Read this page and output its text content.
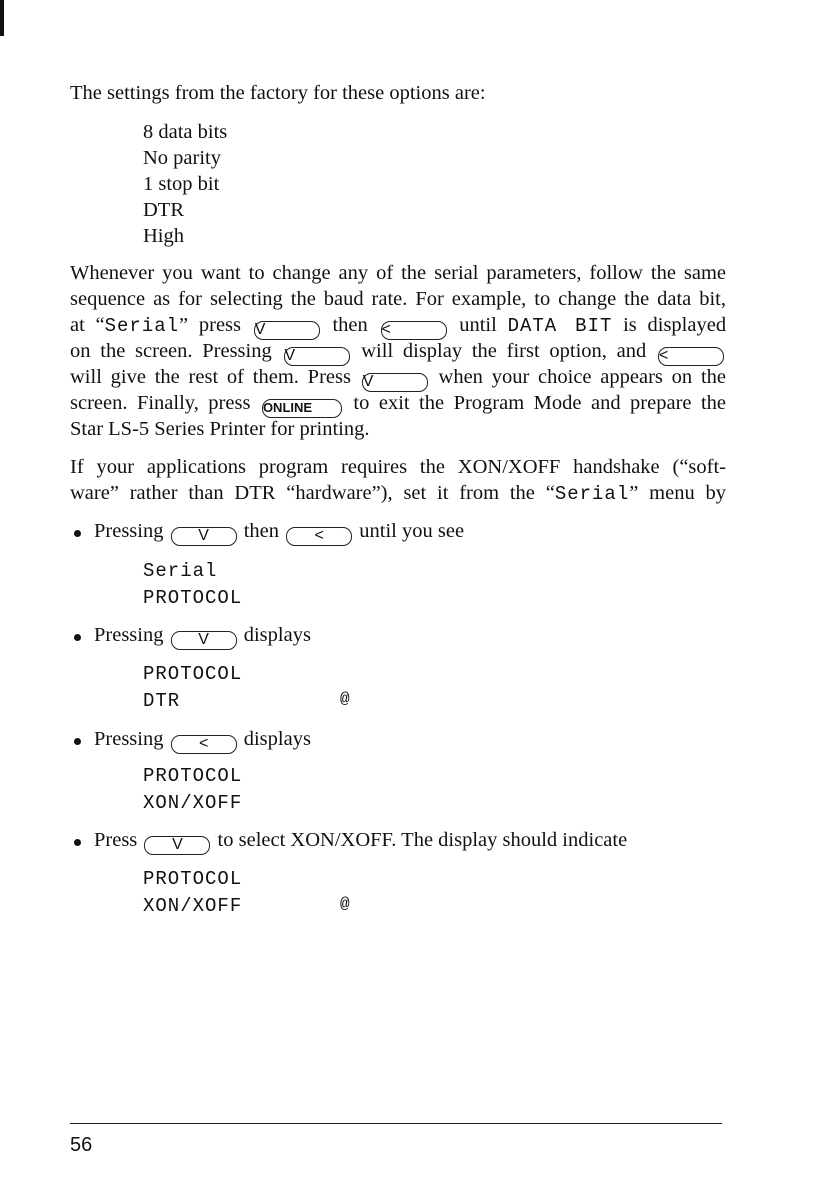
The settings from the factory for these options are:
8 data bits
No parity
1 stop bit
DTR
High
Whenever you want to change any of the serial parameters, follow the same
sequence as for selecting the baud rate. For example, to change the data bit,
at “Serial” press V	then <	until DATA BIT is displayed
on the screen. Pressing V	will display the first option, and <
will give the rest of them. Press V	when your choice appears on the
screen. Finally, press ONLINE to exit the Program Mode and prepare the
Star LS-5 Series Printer for printing.
If your applications program requires the XON/XOFF handshake (“soft-
ware” rather than DTR “hardware”), set it from the “Serial” menu by
Pressing V then < until you see
Serial
PROTOCOL
Pressing V displays
PROTOCOL
DTR	@
Pressing < displays
PROTOCOL
XON/XOFF
Press V to select XON/XOFF. The display should indicate
PROTOCOL
XON/XOFF	@
56
